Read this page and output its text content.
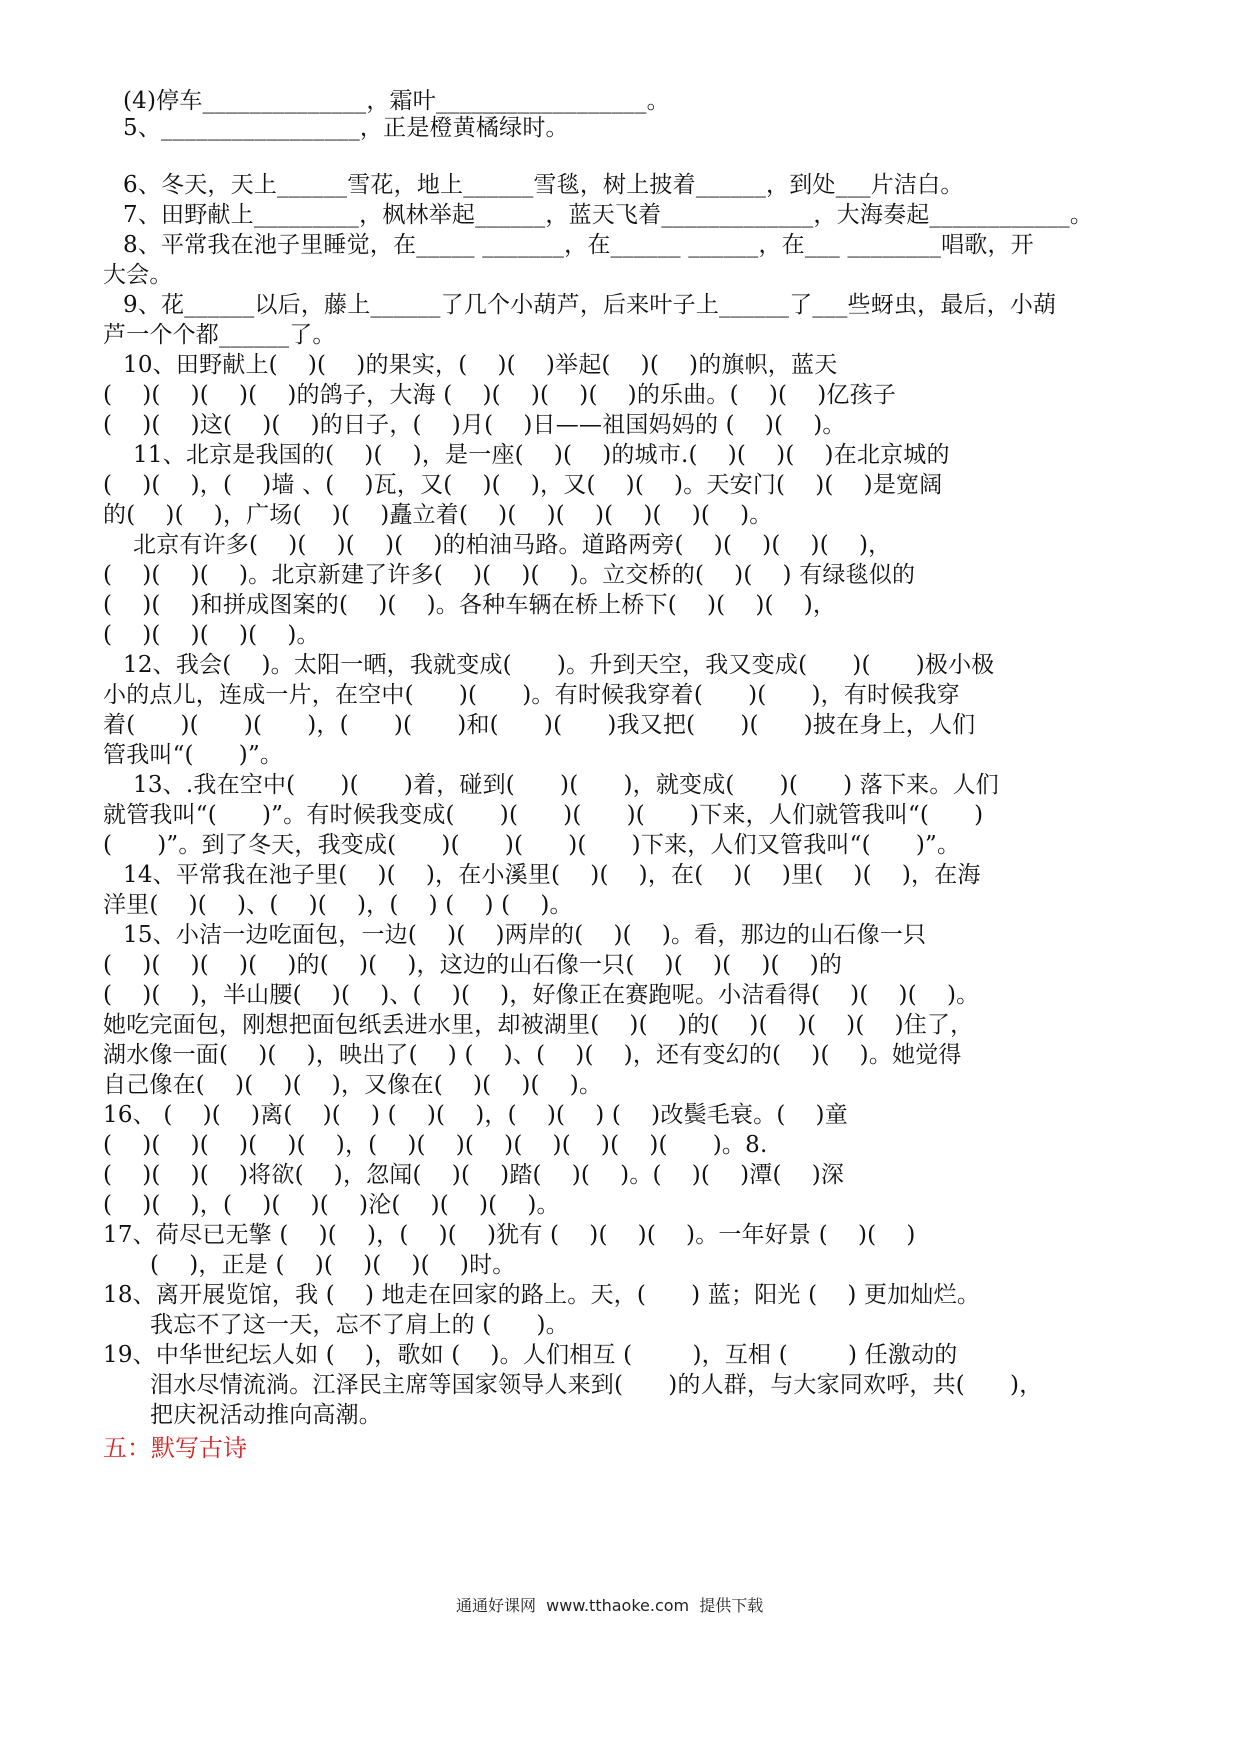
(4)停车______________，霜叶__________________。
5、_________________，正是橙黄橘绿时。
6、冬天，天上______雪花，地上______雪毯，树上披着______，到处___片洁白。
7、田野献上_________，枫林举起______，蓝天飞着_____________，大海奏起____________。
8、平常我在池子里睡觉，在_____ _______，在______ ______，在___ ________唱歌，开
大会。
9、花______以后，藤上______了几个小葫芦，后来叶子上______了___些蚜虫，最后，小葫
芦一个个都______了。
10、田野献上(    )(    )的果实，(    )(    )举起(    )(    )的旗帜，蓝天
(    )(    )(    )(    )的鸽子，大海 (    )(    )(    )(    )的乐曲。(    )(    )亿孩子
(    )(    )这(    )(    )的日子，(    )月(    )日——祖国妈妈的 (    )(    )。
11、北京是我国的(    )(    )，是一座(    )(    )的城市.(    )(    )(    )在北京城的
(    )(    )，(    )墙 、(    )瓦，又(    )(    )，又(    )(    )。天安门(    )(    )是宽阔
的(    )(    )，广场(    )(    )矗立着(    )(    )(    )(    )(    )(    )。
北京有许多(    )(    )(    )(    )的柏油马路。道路两旁(    )(    )(    )(    )，
(    )(    )(    )。北京新建了许多(    )(    )(    )。立交桥的(    )(    ) 有绿毯似的
(    )(    )和拼成图案的(    )(    )。各种车辆在桥上桥下(    )(    )(    )，
(    )(    )(    )(    )。
12、我会(    )。太阳一晒，我就变成(      )。升到天空，我又变成(      )(      )极小极
小的点儿，连成一片，在空中(      )(      )。有时候我穿着(      )(      )，有时候我穿
着(      )(      )(      )，(      )(      )和(      )(      )我又把(      )(      )披在身上，人们
管我叫“(      )”。
13、.我在空中(      )(      )着，碰到(      )(      )，就变成(      )(      ) 落下来。人们
就管我叫“(      )”。有时候我变成(      )(      )(      )(      )下来，人们就管我叫“(      )
(      )”。到了冬天，我变成(      )(      )(      )(      )下来，人们又管我叫“(      )”。
14、平常我在池子里(    )(    )，在小溪里(    )(    )，在(    )(    )里(    )(    )，在海
洋里(    )(    )、(    )(    )，(    ) (    ) (    )。
15、小洁一边吃面包，一边(    )(    )两岸的(    )(    )。看，那边的山石像一只
(    )(    )(    )(    )的(    )(    )，这边的山石像一只(    )(    )(    )(    )的
(    )(    )，半山腰(    )(    )、(    )(    )，好像正在赛跑呢。小洁看得(    )(    )(    )。
她吃完面包，刚想把面包纸丢进水里，却被湖里(    )(    )的(    )(    )(    )(    )住了，
湖水像一面(    )(    )，映出了(    ) (    )、(    )(    )，还有变幻的(    )(    )。她觉得
自己像在(    )(    )(    )，又像在(    )(    )(    )。
16、 (    )(    )离(    )(    ) (    )(    )，(    )(    ) (    )改鬓毛衰。(    )童
(    )(    )(    )(    )(    )，(    )(    )(    )(    )(    )(    )(      )。8.
(    )(    )(    )将欲(    )，忽闻(    )(    )踏(    )(    )。(    )(    )潭(    )深
(    )(    )，(    )(    )(    )沦(    )(    )(    )。
17、荷尽已无擎 (    )(    )，(    )(    )犹有 (    )(    )(    )。一年好景 (    )(    )
(    )，正是 (    )(    )(    )(    )时。
18、离开展览馆，我 (    ) 地走在回家的路上。天，(      ) 蓝；阳光 (    ) 更加灿烂。
我忘不了这一天，忘不了肩上的 (      )。
19、中华世纪坛人如 (    )，歌如 (    )。人们相互 (        )，互相 (        ) 任激动的
泪水尽情流淌。江泽民主席等国家领导人来到(      )的人群，与大家同欢呼，共(      )，
把庆祝活动推向高潮。
五：默写古诗
通通好课网  www.tthaoke.com  提供下载
